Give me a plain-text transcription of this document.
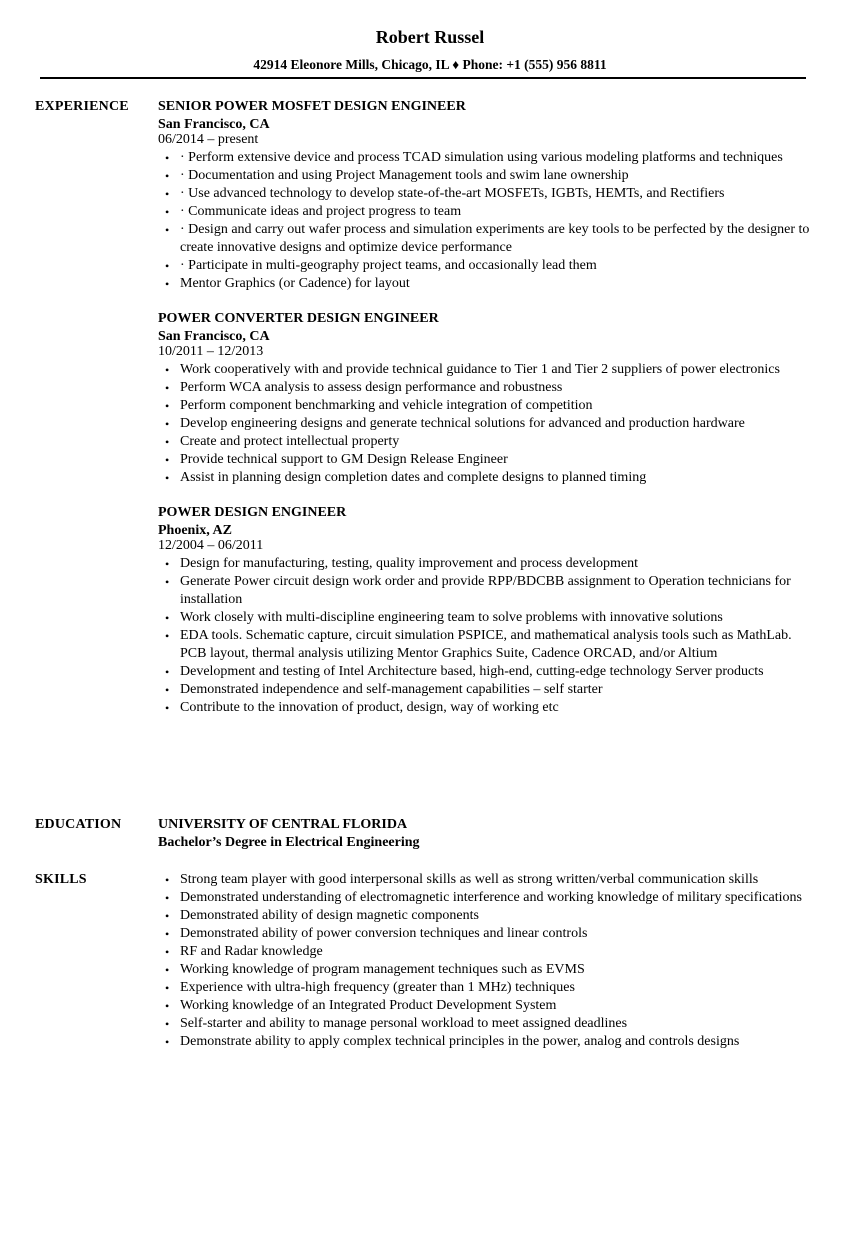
Robert Russel
42914 Eleonore Mills, Chicago, IL ♦ Phone: +1 (555) 956 8811
EXPERIENCE SENIOR POWER MOSFET DESIGN ENGINEER
San Francisco, CA
06/2014 – present
• · Perform extensive device and process TCAD simulation using various modeling platforms and techniques
• · Documentation and using Project Management tools and swim lane ownership
• · Use advanced technology to develop state-of-the-art MOSFETs, IGBTs, HEMTs, and Rectifiers
• · Communicate ideas and project progress to team
• · Design and carry out wafer process and simulation experiments are key tools to be perfected by the designer to create innovative designs and optimize device performance
• · Participate in multi-geography project teams, and occasionally lead them
• Mentor Graphics (or Cadence) for layout
POWER CONVERTER DESIGN ENGINEER
San Francisco, CA
10/2011 – 12/2013
• Work cooperatively with and provide technical guidance to Tier 1 and Tier 2 suppliers of power electronics
• Perform WCA analysis to assess design performance and robustness
• Perform component benchmarking and vehicle integration of competition
• Develop engineering designs and generate technical solutions for advanced and production hardware
• Create and protect intellectual property
• Provide technical support to GM Design Release Engineer
• Assist in planning design completion dates and complete designs to planned timing
POWER DESIGN ENGINEER
Phoenix, AZ
12/2004 – 06/2011
• Design for manufacturing, testing, quality improvement and process development
• Generate Power circuit design work order and provide RPP/BDCBB assignment to Operation technicians for installation
• Work closely with multi-discipline engineering team to solve problems with innovative solutions
• EDA tools. Schematic capture, circuit simulation PSPICE, and mathematical analysis tools such as MathLab. PCB layout, thermal analysis utilizing Mentor Graphics Suite, Cadence ORCAD, and/or Altium
• Development and testing of Intel Architecture based, high-end, cutting-edge technology Server products
• Demonstrated independence and self-management capabilities – self starter
• Contribute to the innovation of product, design, way of working etc
EDUCATION	UNIVERSITY OF CENTRAL FLORIDA
Bachelor’s Degree in Electrical Engineering
SKILLS
•	Strong team player with good interpersonal skills as well as strong written/verbal communication skills
• Demonstrated understanding of electromagnetic interference and working knowledge of military specifications
• Demonstrated ability of design magnetic components
• Demonstrated ability of power conversion techniques and linear controls
• RF and Radar knowledge
• Working knowledge of program management techniques such as EVMS
• Experience with ultra-high frequency (greater than 1 MHz) techniques
• Working knowledge of an Integrated Product Development System
• Self-starter and ability to manage personal workload to meet assigned deadlines
• Demonstrate ability to apply complex technical principles in the power, analog and controls designs
